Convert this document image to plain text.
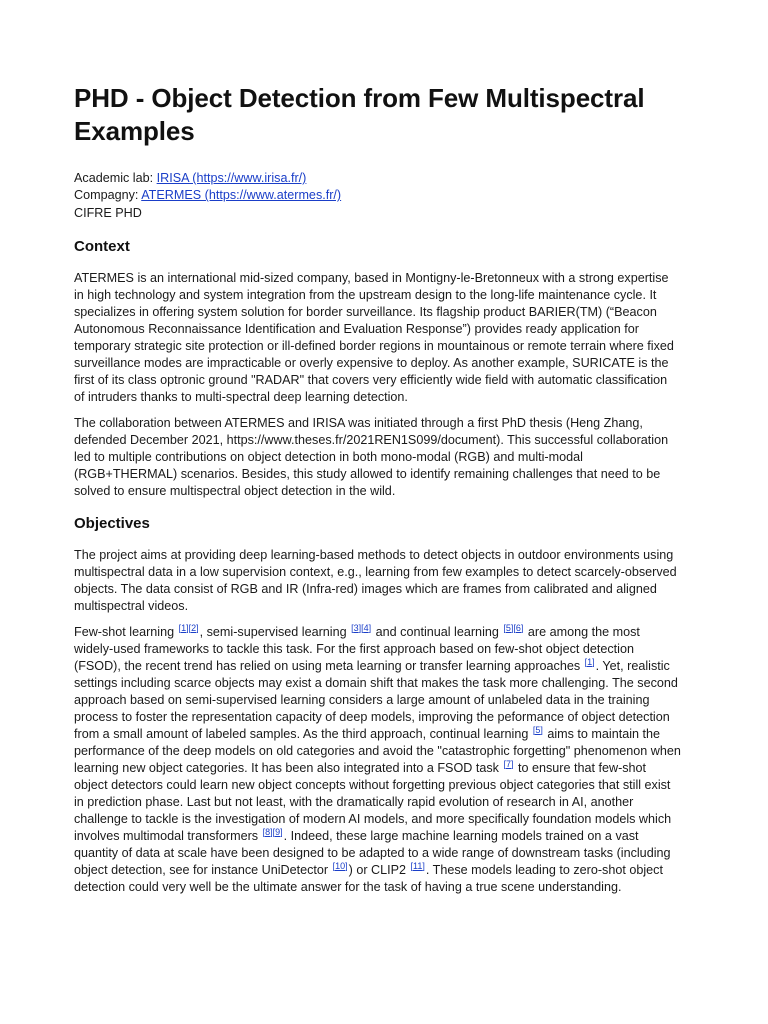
PHD - Object Detection from Few Multispectral
Examples
Academic lab: IRISA (https://www.irisa.fr/)
Compagny: ATERMES (https://www.atermes.fr/)
CIFRE PHD
Context

ATERMES is an international mid-sized company, based in Montigny-le-Bretonneux with a strong expertise
in high technology and system integration from the upstream design to the long-life maintenance cycle. It
specializes in offering system solution for border surveillance. Its flagship product BARIER(TM) (“Beacon
Autonomous Reconnaissance Identification and Evaluation Response”) provides ready application for
temporary strategic site protection or ill-defined border regions in mountainous or remote terrain where fixed
surveillance modes are impracticable or overly expensive to deploy. As another example, SURICATE is the
first of its class optronic ground "RADAR" that covers very efficiently wide field with automatic classification
of intruders thanks to multi-spectral deep learning detection.

The collaboration between ATERMES and IRISA was initiated through a first PhD thesis (Heng Zhang,
defended December 2021, https://www.theses.fr/2021REN1S099/document). This successful collaboration
led to multiple contributions on object detection in both mono-modal (RGB) and multi-modal
(RGB+THERMAL) scenarios. Besides, this study allowed to identify remaining challenges that need to be
solved to ensure multispectral object detection in the wild.

Objectives

The project aims at providing deep learning-based methods to detect objects in outdoor environments using
multispectral data in a low supervision context, e.g., learning from few examples to detect scarcely-observed
objects. The data consist of RGB and IR (Infra-red) images which are frames from calibrated and aligned
multispectral videos.

Few-shot learning [1][2], semi-supervised learning [3][4] and continual learning [5][6] are among the most
widely-used frameworks to tackle this task. For the first approach based on few-shot object detection
(FSOD), the recent trend has relied on using meta learning or transfer learning approaches [1]. Yet, realistic
settings including scarce objects may exist a domain shift that makes the task more challenging. The second
approach based on semi-supervised learning considers a large amount of unlabeled data in the training
process to foster the representation capacity of deep models, improving the peformance of object detection
from a small amount of labeled samples. As the third approach, continual learning [5] aims to maintain the
performance of the deep models on old categories and avoid the "catastrophic forgetting" phenomenon when
learning new object categories. It has been also integrated into a FSOD task [7] to ensure that few-shot
object detectors could learn new object concepts without forgetting previous object categories that still exist
in prediction phase. Last but not least, with the dramatically rapid evolution of research in AI, another
challenge to tackle is the investigation of modern AI models, and more specifically foundation models which
involves multimodal transformers [8][9]. Indeed, these large machine learning models trained on a vast
quantity of data at scale have been designed to be adapted to a wide range of downstream tasks (including
object detection, see for instance UniDetector [10]) or CLIP2 [11]. These models leading to zero-shot object
detection could very well be the ultimate answer for the task of having a true scene understanding.
